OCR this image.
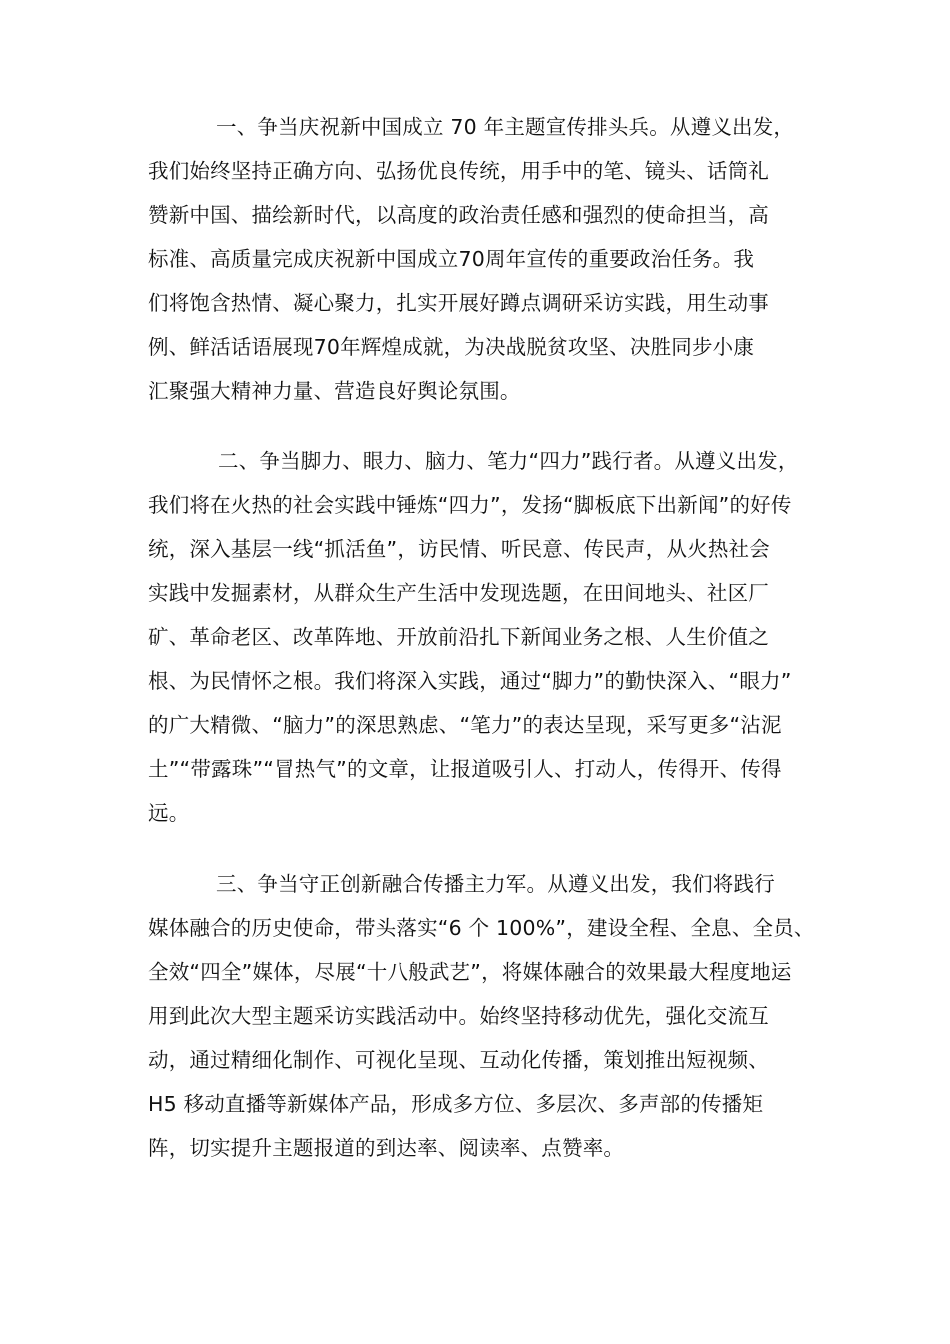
一、争当庆祝新中国成立 70 年主题宣传排头兵。从遵义出发，
我们始终坚持正确方向、弘扬优良传统，用手中的笔、镜头、话筒礼
赞新中国、描绘新时代，以高度的政治责任感和强烈的使命担当，高
标准、高质量完成庆祝新中国成立70周年宣传的重要政治任务。我
们将饱含热情、凝心聚力，扎实开展好蹲点调研采访实践，用生动事
例、鲜活话语展现70年辉煌成就，为决战脱贫攻坚、决胜同步小康
汇聚强大精神力量、营造良好舆论氛围。
二、争当脚力、眼力、脑力、笔力“四力”践行者。从遵义出发，
我们将在火热的社会实践中锤炼“四力”，发扬“脚板底下出新闻”的好传
统，深入基层一线“抓活鱼”，访民情、听民意、传民声，从火热社会
实践中发掘素材，从群众生产生活中发现选题，在田间地头、社区厂
矿、革命老区、改革阵地、开放前沿扎下新闻业务之根、人生价值之
根、为民情怀之根。我们将深入实践，通过“脚力”的勤快深入、“眼力”
的广大精微、“脑力”的深思熟虑、“笔力”的表达呈现，采写更多“沾泥
土”“带露珠”“冒热气”的文章，让报道吸引人、打动人，传得开、传得
远。
三、争当守正创新融合传播主力军。从遵义出发，我们将践行
媒体融合的历史使命，带头落实“6 个 100%”，建设全程、全息、全员、
全效“四全”媒体，尽展“十八般武艺”，将媒体融合的效果最大程度地运
用到此次大型主题采访实践活动中。始终坚持移动优先，强化交流互
动，通过精细化制作、可视化呈现、互动化传播，策划推出短视频、
H5 移动直播等新媒体产品，形成多方位、多层次、多声部的传播矩
阵，切实提升主题报道的到达率、阅读率、点赞率。
